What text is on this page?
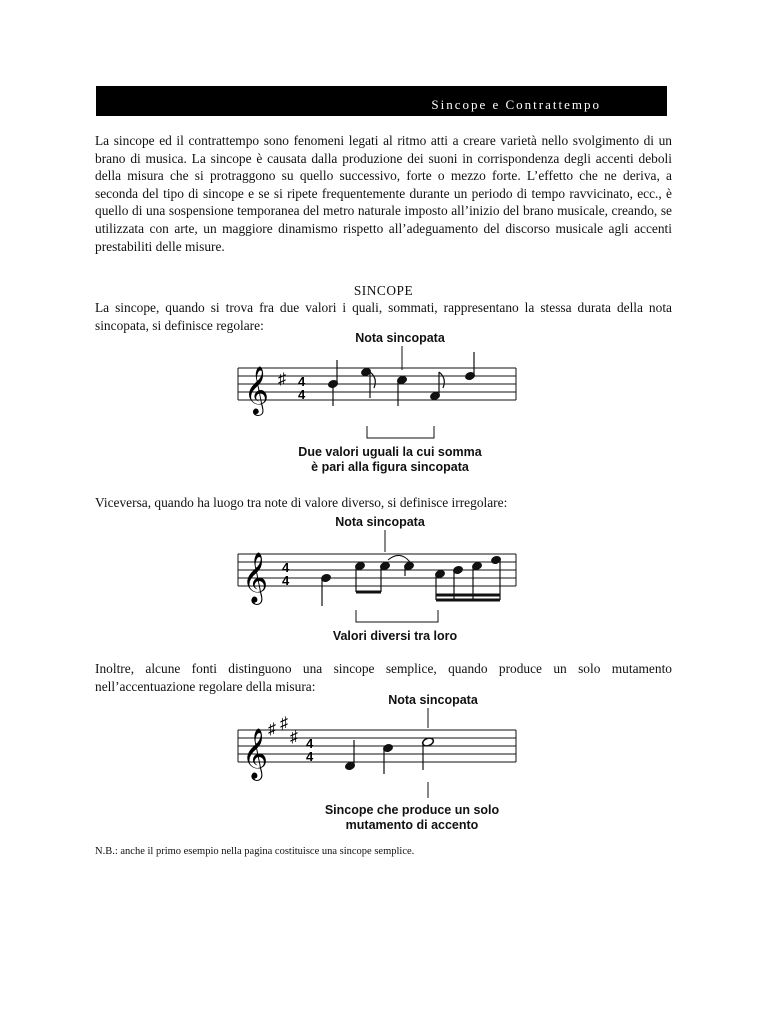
Sincope e Contrattempo

La sincope ed il contrattempo sono fenomeni legati al ritmo atti a creare varietà nello svolgimento di un brano di musica. La sincope è causata dalla produzione dei suoni in corrispondenza degli accenti deboli della misura che si protraggono su quello successivo, forte o mezzo forte. L’effetto che ne deriva, a seconda del tipo di sincope e se si ripete frequentemente durante un periodo di tempo ravvicinato, ecc., è quello di una sospensione temporanea del metro naturale imposto all’inizio del brano musicale, creando, se utilizzata con arte, un maggiore dinamismo rispetto all’adeguamento del discorso musicale agli accenti prestabiliti delle misure.

SINCOPE

La sincope, quando si trova fra due valori i quali, sommati, rappresentano la stessa durata della nota sincopata, si definisce regolare:

Nota sincopata
𝄞 ♯ 4
4
Due valori uguali la cui somma
è pari alla figura sincopata

Viceversa, quando ha luogo tra note di valore diverso, si definisce irregolare:

Nota sincopata
𝄞 4
4
Valori diversi tra loro

Inoltre, alcune fonti distinguono una sincope semplice, quando produce un solo mutamento nell’accentuazione regolare della misura:

Nota sincopata
𝄞 ♯ ♯
♯ 4
4
Sincope che produce un solo
mutamento di accento
N.B.: anche il primo esempio nella pagina costituisce una sincope semplice.
